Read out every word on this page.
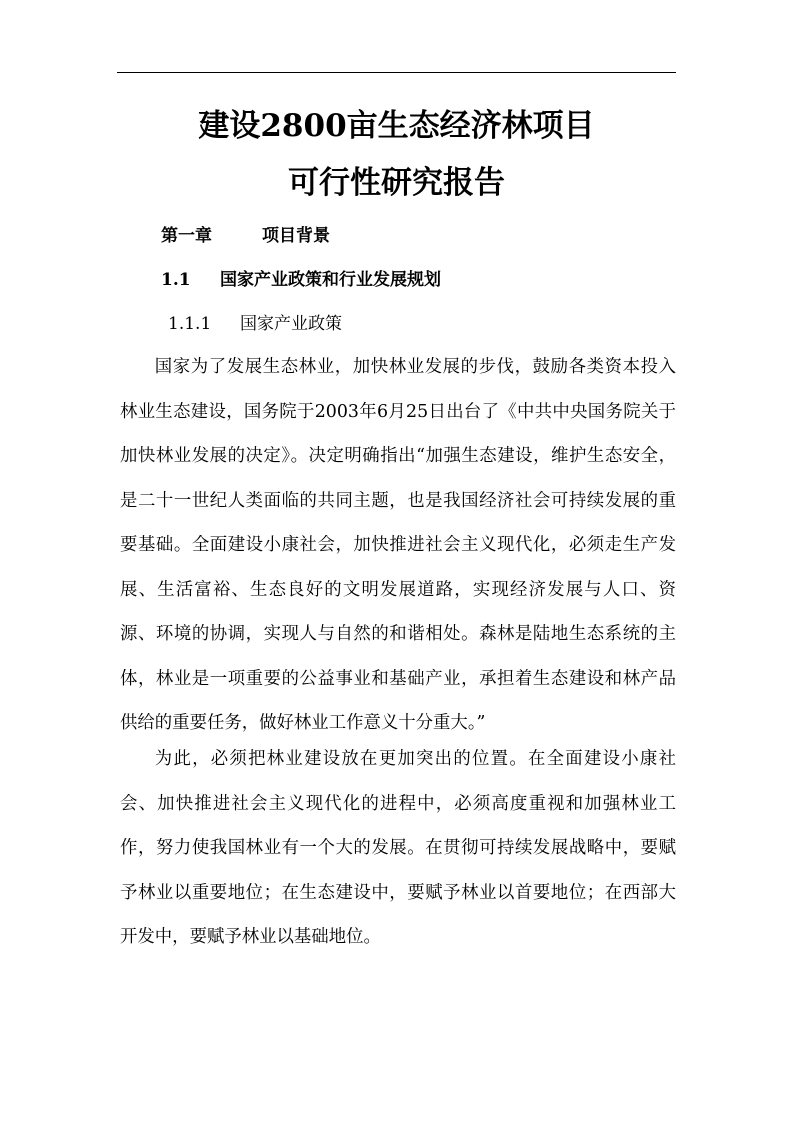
建设2800亩生态经济林项目
可行性研究报告
第一章	项目背景
1.1 国家产业政策和行业发展规划
1.1.1 国家产业政策

国家为了发展生态林业，加快林业发展的步伐，鼓励各类资本投入林业生态建设，国务院于2003年6月25日出台了《中共中央国务院关于加快林业发展的决定》。决定明确指出“加强生态建设，维护生态安全，是二十一世纪人类面临的共同主题，也是我国经济社会可持续发展的重要基础。全面建设小康社会，加快推进社会主义现代化，必须走生产发展、生活富裕、生态良好的文明发展道路，实现经济发展与人口、资源、环境的协调，实现人与自然的和谐相处。森林是陆地生态系统的主体，林业是一项重要的公益事业和基础产业，承担着生态建设和林产品供给的重要任务，做好林业工作意义十分重大。”

为此，必须把林业建设放在更加突出的位置。在全面建设小康社会、加快推进社会主义现代化的进程中，必须高度重视和加强林业工作，努力使我国林业有一个大的发展。在贯彻可持续发展战略中，要赋予林业以重要地位；在生态建设中，要赋予林业以首要地位；在西部大开发中，要赋予林业以基础地位。
